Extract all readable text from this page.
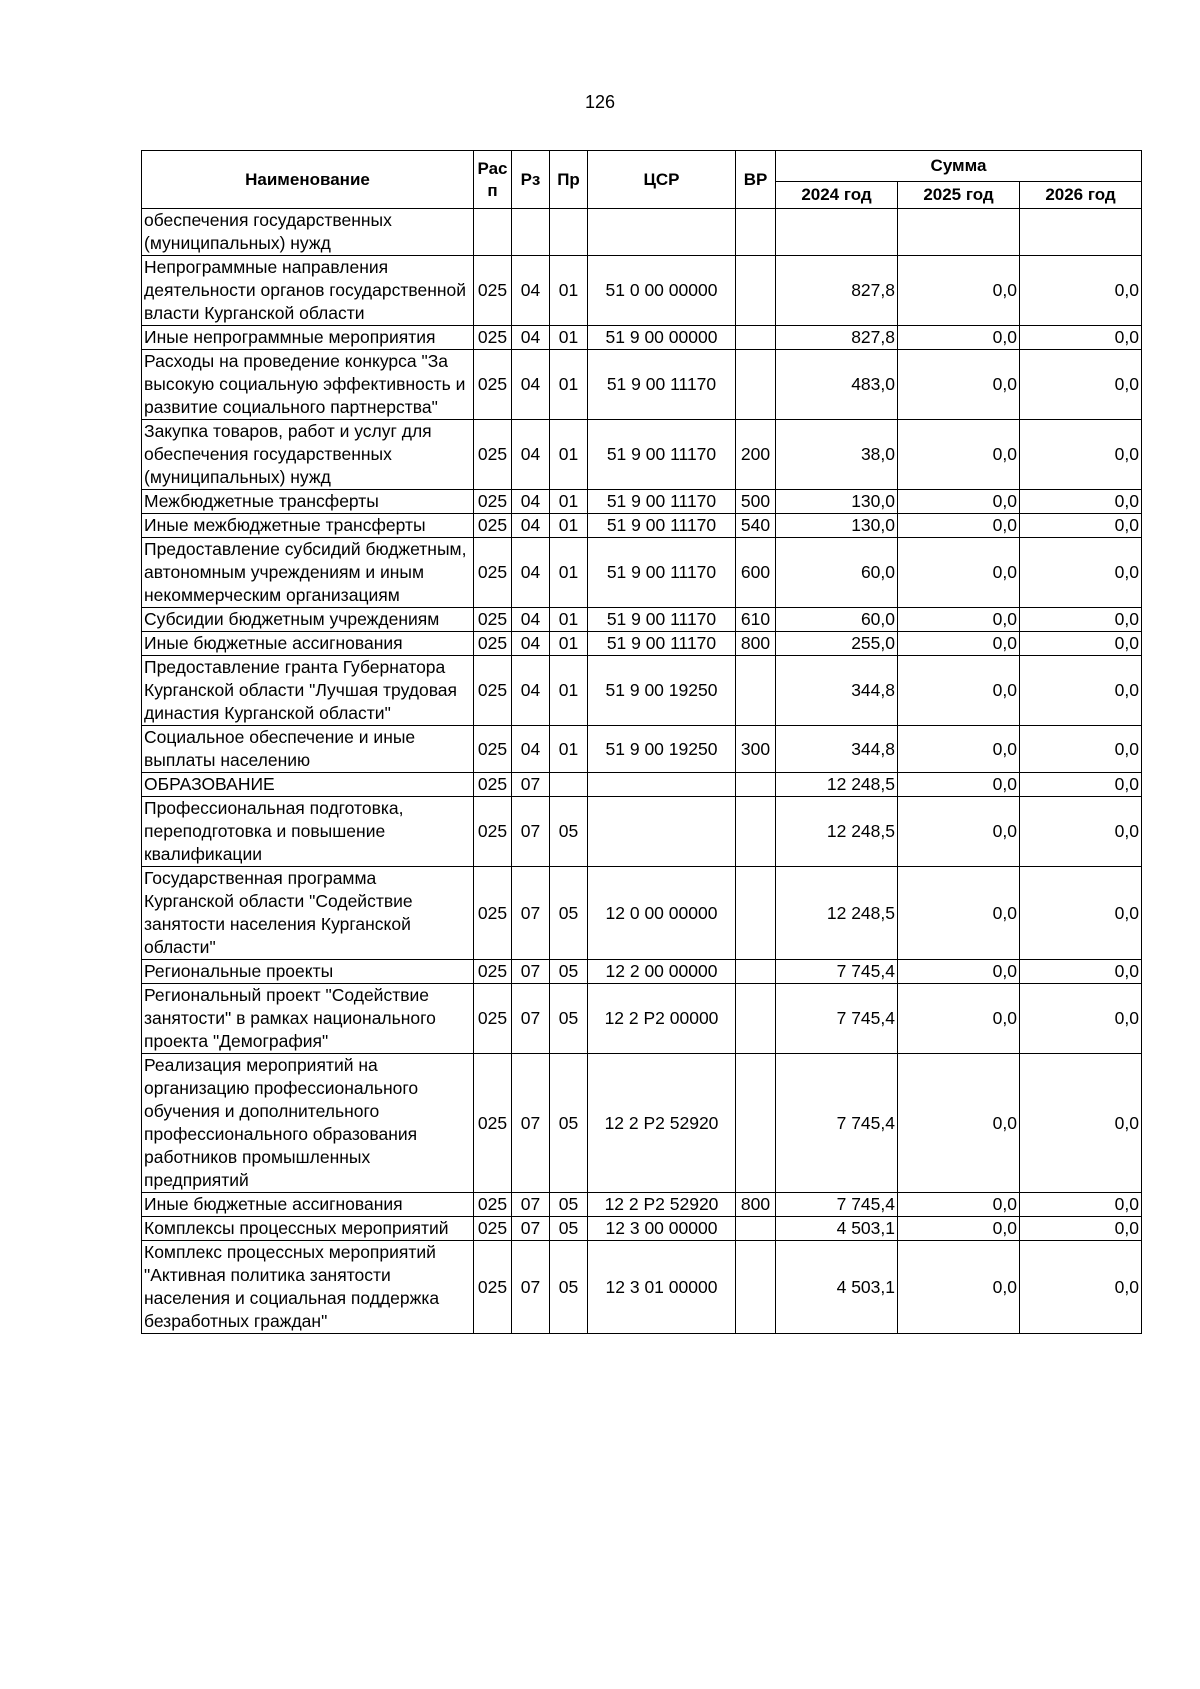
126
Наименование	Рас п	Рз	Пр	ЦСР	ВР	Сумма		
						2024 год	2025 год	2026 год
обеспечения государственных (муниципальных) нужд								
Непрограммные направления деятельности органов государственной власти Курганской области	025	04	01	51 0 00 00000		827,8	0,0	0,0
Иные непрограммные мероприятия	025	04	01	51 9 00 00000		827,8	0,0	0,0
Расходы на проведение конкурса "За высокую социальную эффективность и развитие социального партнерства"	025	04	01	51 9 00 11170		483,0	0,0	0,0
Закупка товаров, работ и услуг для обеспечения государственных (муниципальных) нужд	025	04	01	51 9 00 11170	200	38,0	0,0	0,0
Межбюджетные трансферты	025	04	01	51 9 00 11170	500	130,0	0,0	0,0
Иные межбюджетные трансферты	025	04	01	51 9 00 11170	540	130,0	0,0	0,0
Предоставление субсидий бюджетным, автономным учреждениям и иным некоммерческим организациям	025	04	01	51 9 00 11170	600	60,0	0,0	0,0
Субсидии бюджетным учреждениям	025	04	01	51 9 00 11170	610	60,0	0,0	0,0
Иные бюджетные ассигнования	025	04	01	51 9 00 11170	800	255,0	0,0	0,0
Предоставление гранта Губернатора Курганской области "Лучшая трудовая династия Курганской области"	025	04	01	51 9 00 19250		344,8	0,0	0,0
Социальное обеспечение и иные выплаты населению	025	04	01	51 9 00 19250	300	344,8	0,0	0,0
ОБРАЗОВАНИЕ	025	07				12 248,5	0,0	0,0
Профессиональная подготовка, переподготовка и повышение квалификации	025	07	05			12 248,5	0,0	0,0
Государственная программа Курганской области "Содействие занятости населения Курганской области"	025	07	05	12 0 00 00000		12 248,5	0,0	0,0
Региональные проекты	025	07	05	12 2 00 00000		7 745,4	0,0	0,0
Региональный проект "Содействие занятости" в рамках национального проекта "Демография"	025	07	05	12 2 P2 00000		7 745,4	0,0	0,0
Реализация мероприятий на организацию профессионального обучения и дополнительного профессионального образования работников промышленных предприятий	025	07	05	12 2 P2 52920		7 745,4	0,0	0,0
Иные бюджетные ассигнования	025	07	05	12 2 P2 52920	800	7 745,4	0,0	0,0
Комплексы процессных мероприятий	025	07	05	12 3 00 00000		4 503,1	0,0	0,0
Комплекс процессных мероприятий "Активная политика занятости населения и социальная поддержка безработных граждан"	025	07	05	12 3 01 00000		4 503,1	0,0	0,0
